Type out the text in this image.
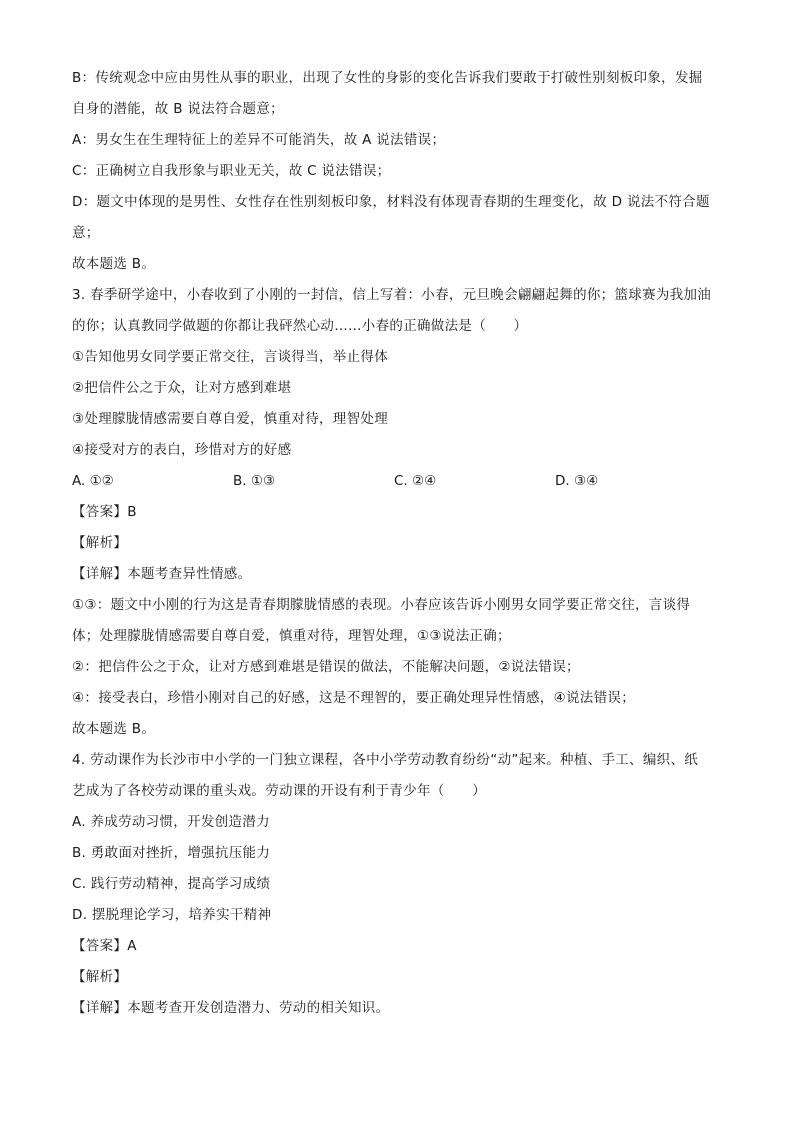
B：传统观念中应由男性从事的职业，出现了女性的身影的变化告诉我们要敢于打破性别刻板印象，发掘
自身的潜能，故 B 说法符合题意；
A：男女生在生理特征上的差异不可能消失，故 A 说法错误；
C：正确树立自我形象与职业无关，故 C 说法错误；
D：题文中体现的是男性、女性存在性别刻板印象，材料没有体现青春期的生理变化，故 D 说法不符合题
意；
故本题选 B。
3. 春季研学途中，小春收到了小刚的一封信，信上写着：小春，元旦晚会翩翩起舞的你；篮球赛为我加油
的你；认真教同学做题的你都让我砰然心动……小春的正确做法是（　　）
①告知他男女同学要正常交往，言谈得当，举止得体
②把信件公之于众，让对方感到难堪
③处理朦胧情感需要自尊自爱，慎重对待，理智处理
④接受对方的表白，珍惜对方的好感
A. ①②	B. ①③	C. ②④	D. ③④
【答案】B
【解析】
【详解】本题考查异性情感。
①③：题文中小刚的行为这是青春期朦胧情感的表现。小春应该告诉小刚男女同学要正常交往，言谈得
体；处理朦胧情感需要自尊自爱，慎重对待，理智处理，①③说法正确；
②：把信件公之于众，让对方感到难堪是错误的做法，不能解决问题，②说法错误；
④：接受表白，珍惜小刚对自己的好感，这是不理智的，要正确处理异性情感，④说法错误；
故本题选 B。
4. 劳动课作为长沙市中小学的一门独立课程，各中小学劳动教育纷纷“动”起来。种植、手工、编织、纸
艺成为了各校劳动课的重头戏。劳动课的开设有利于青少年（　　）
A. 养成劳动习惯，开发创造潜力
B. 勇敢面对挫折，增强抗压能力
C. 践行劳动精神，提高学习成绩
D. 摆脱理论学习，培养实干精神
【答案】A
【解析】
【详解】本题考查开发创造潜力、劳动的相关知识。
